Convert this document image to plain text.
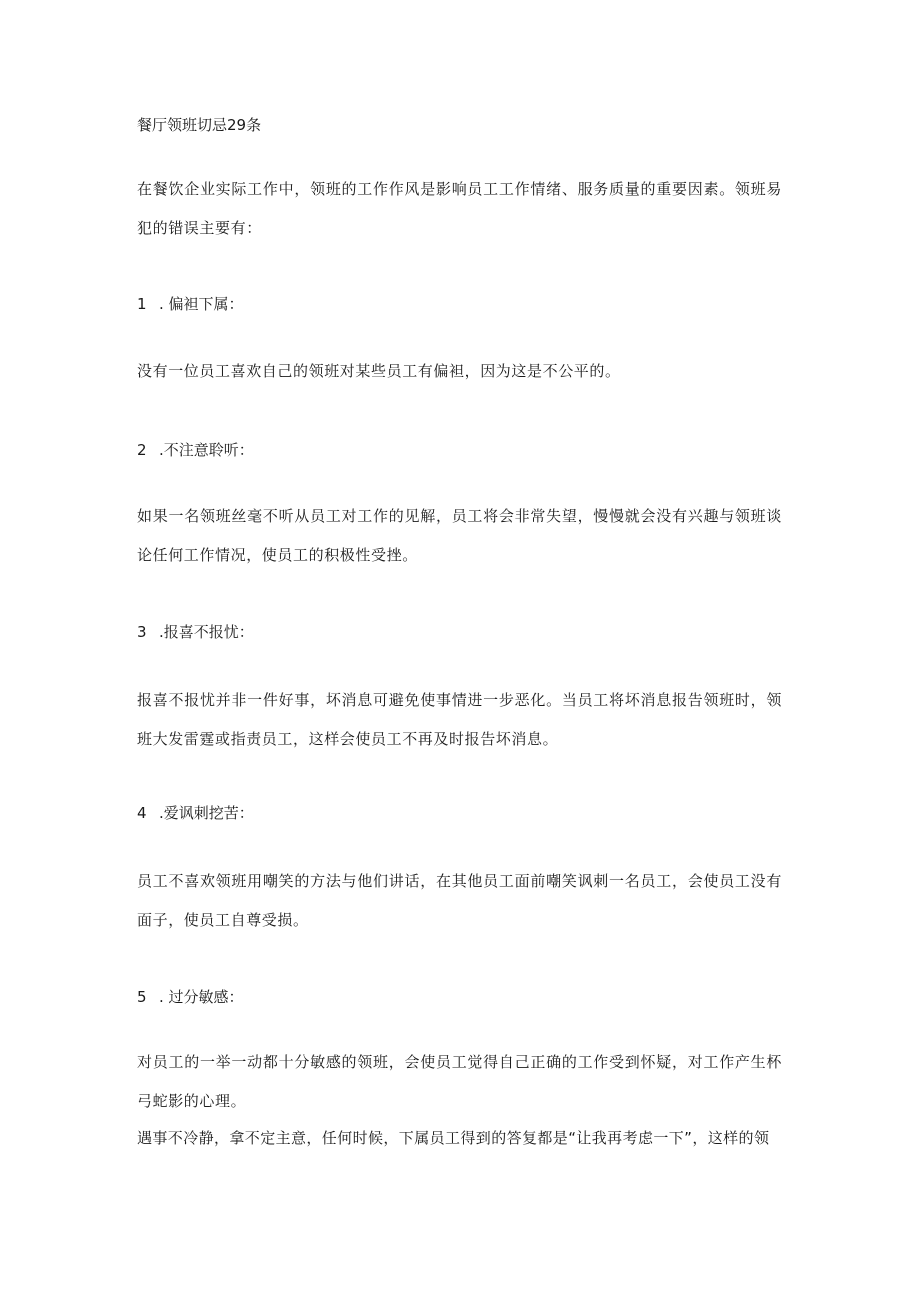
餐厅领班切忌29条
在餐饮企业实际工作中，领班的工作作风是影响员工工作情绪、服务质量的重要因素。领班易犯的错误主要有：
1 . 偏袒下属：
没有一位员工喜欢自己的领班对某些员工有偏袒，因为这是不公平的。
2 .不注意聆听：
如果一名领班丝毫不听从员工对工作的见解，员工将会非常失望，慢慢就会没有兴趣与领班谈论任何工作情况，使员工的积极性受挫。
3 .报喜不报忧：
报喜不报忧并非一件好事，坏消息可避免使事情进一步恶化。当员工将坏消息报告领班时，领班大发雷霆或指责员工，这样会使员工不再及时报告坏消息。
4 .爱讽刺挖苦：
员工不喜欢领班用嘲笑的方法与他们讲话，在其他员工面前嘲笑讽刺一名员工，会使员工没有面子，使员工自尊受损。
5 . 过分敏感：
对员工的一举一动都十分敏感的领班，会使员工觉得自己正确的工作受到怀疑，对工作产生杯弓蛇影的心理。
遇事不冷静，拿不定主意，任何时候，下属员工得到的答复都是“让我再考虑一下”，这样的领
